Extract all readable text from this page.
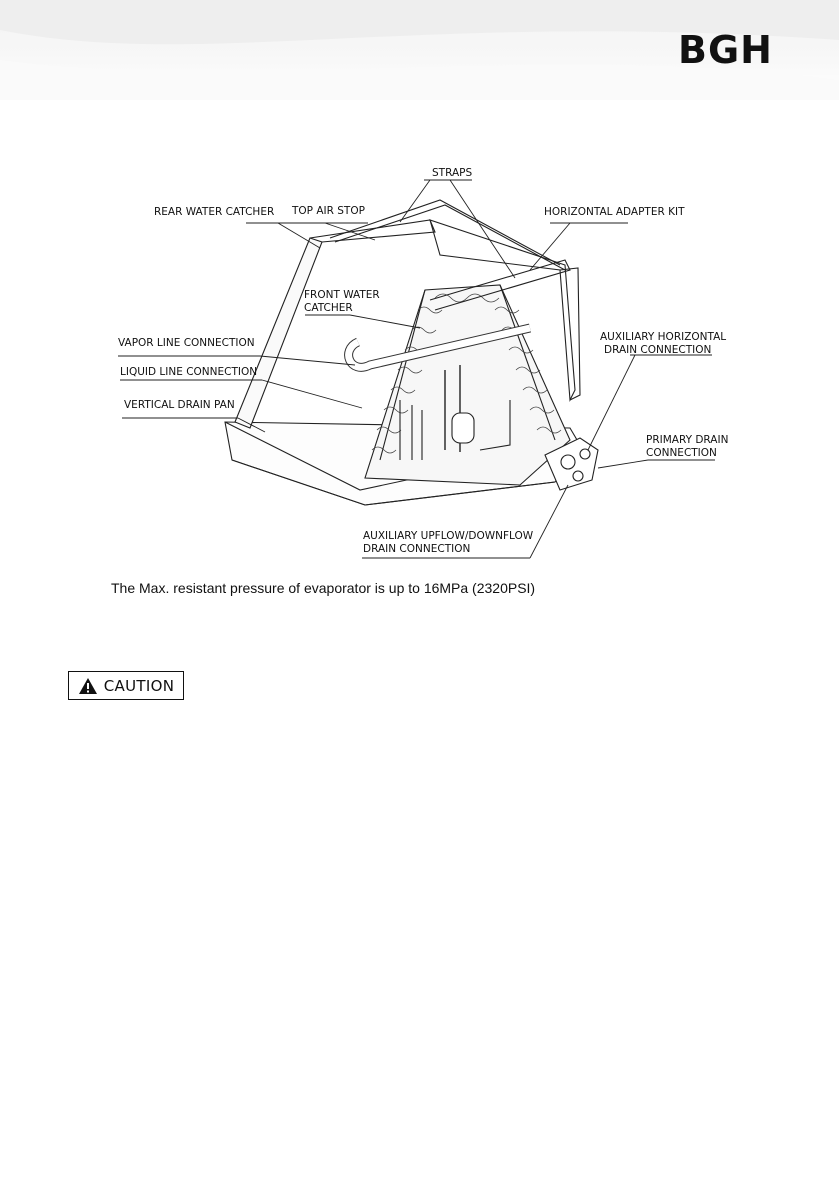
BGH
STRAPS
REAR WATER CATCHER TOP AIR STOP	HORIZONTAL ADAPTER KIT
FRONT WATER
CATCHER
VAPOR LINE CONNECTION
LIQUID LINE CONNECTION
VERTICAL DRAIN PAN
AUXILIARY HORIZONTAL
DRAIN CONNECTION
PRIMARY DRAIN
CONNECTION
AUXILIARY UPFLOW/DOWNFLOW
DRAIN CONNECTION
The Max. resistant pressure of evaporator is up to 16MPa (2320PSI)
CAUTION
